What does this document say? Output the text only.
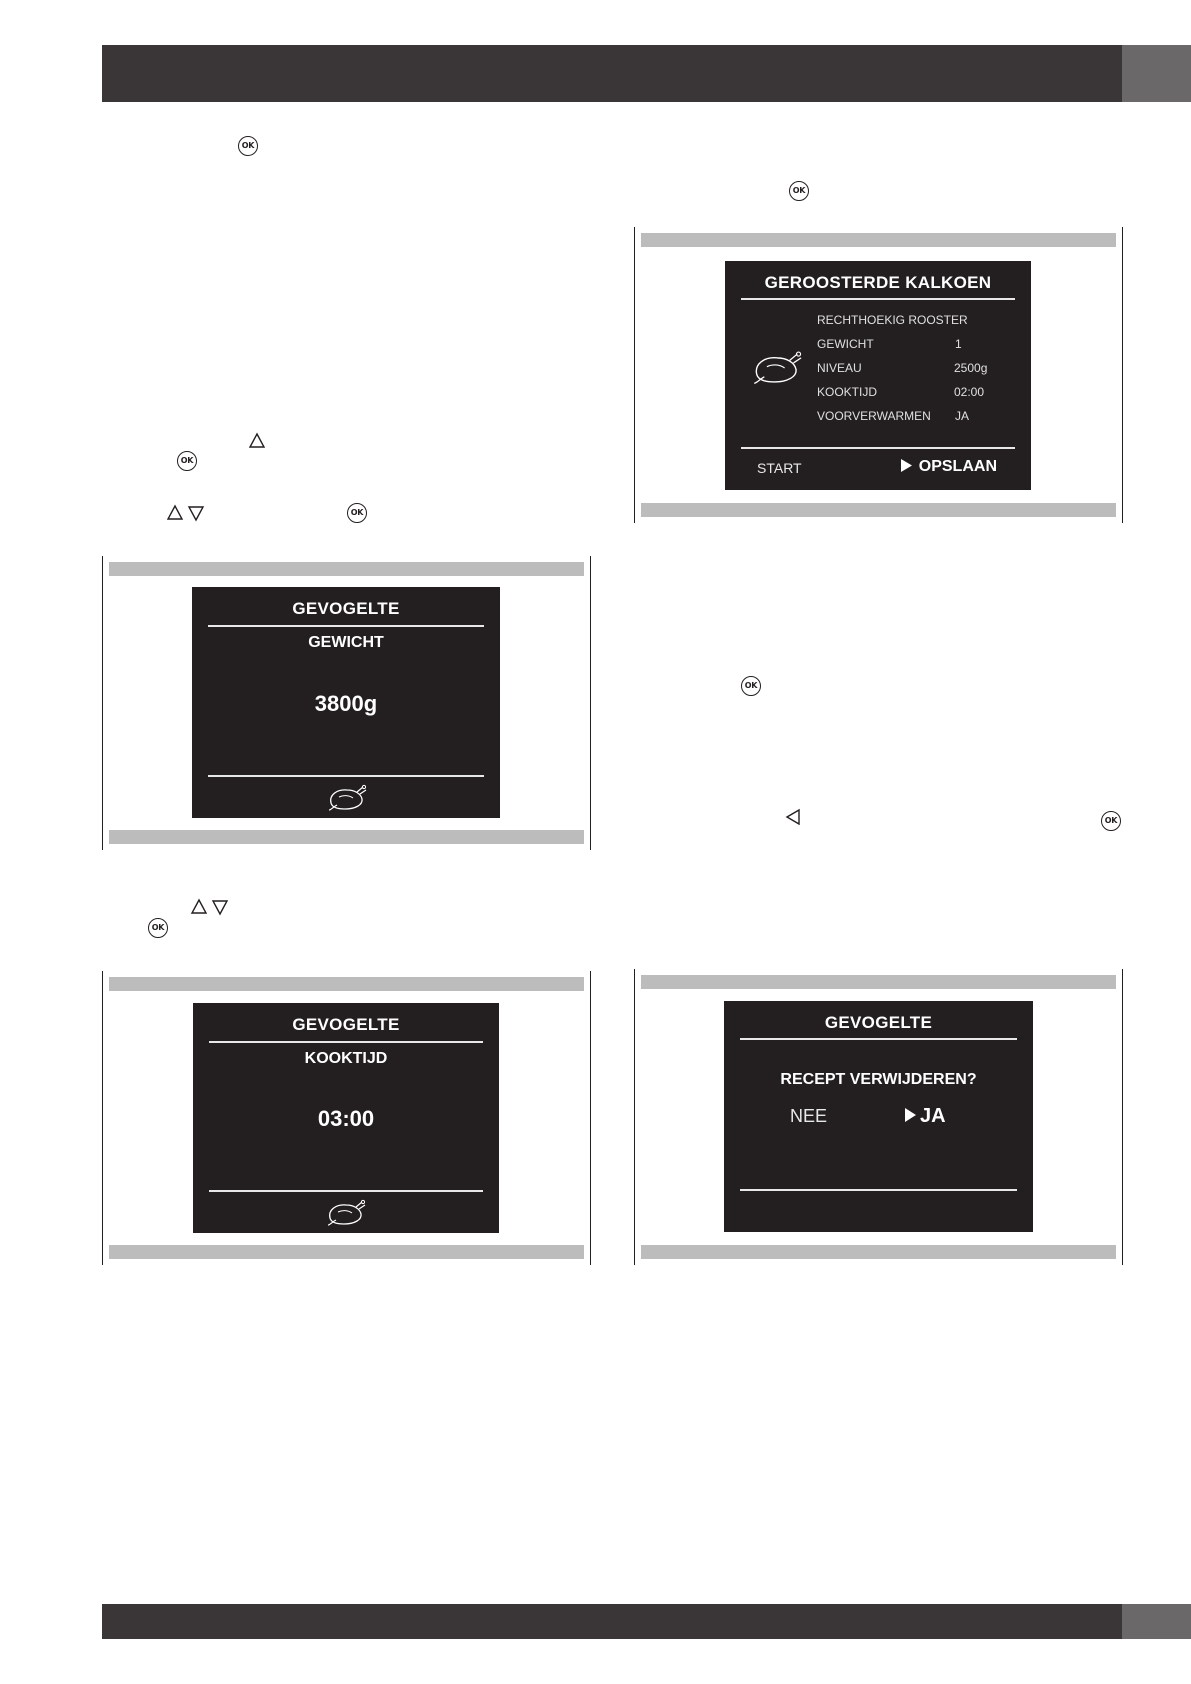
OK
OK
OK
OK
OK
OK
OK
GEVOGELTE
GEWICHT
3800g
GEVOGELTE
KOOKTIJD
03:00
GEROOSTERDE KALKOEN
RECHTHOEKIG ROOSTER
GEWICHT	1
NIVEAU	2500g
KOOKTIJD	02:00
VOORVERWARMEN JA
START	OPSLAAN
GEVOGELTE
RECEPT VERWIJDEREN?
NEE	JA
